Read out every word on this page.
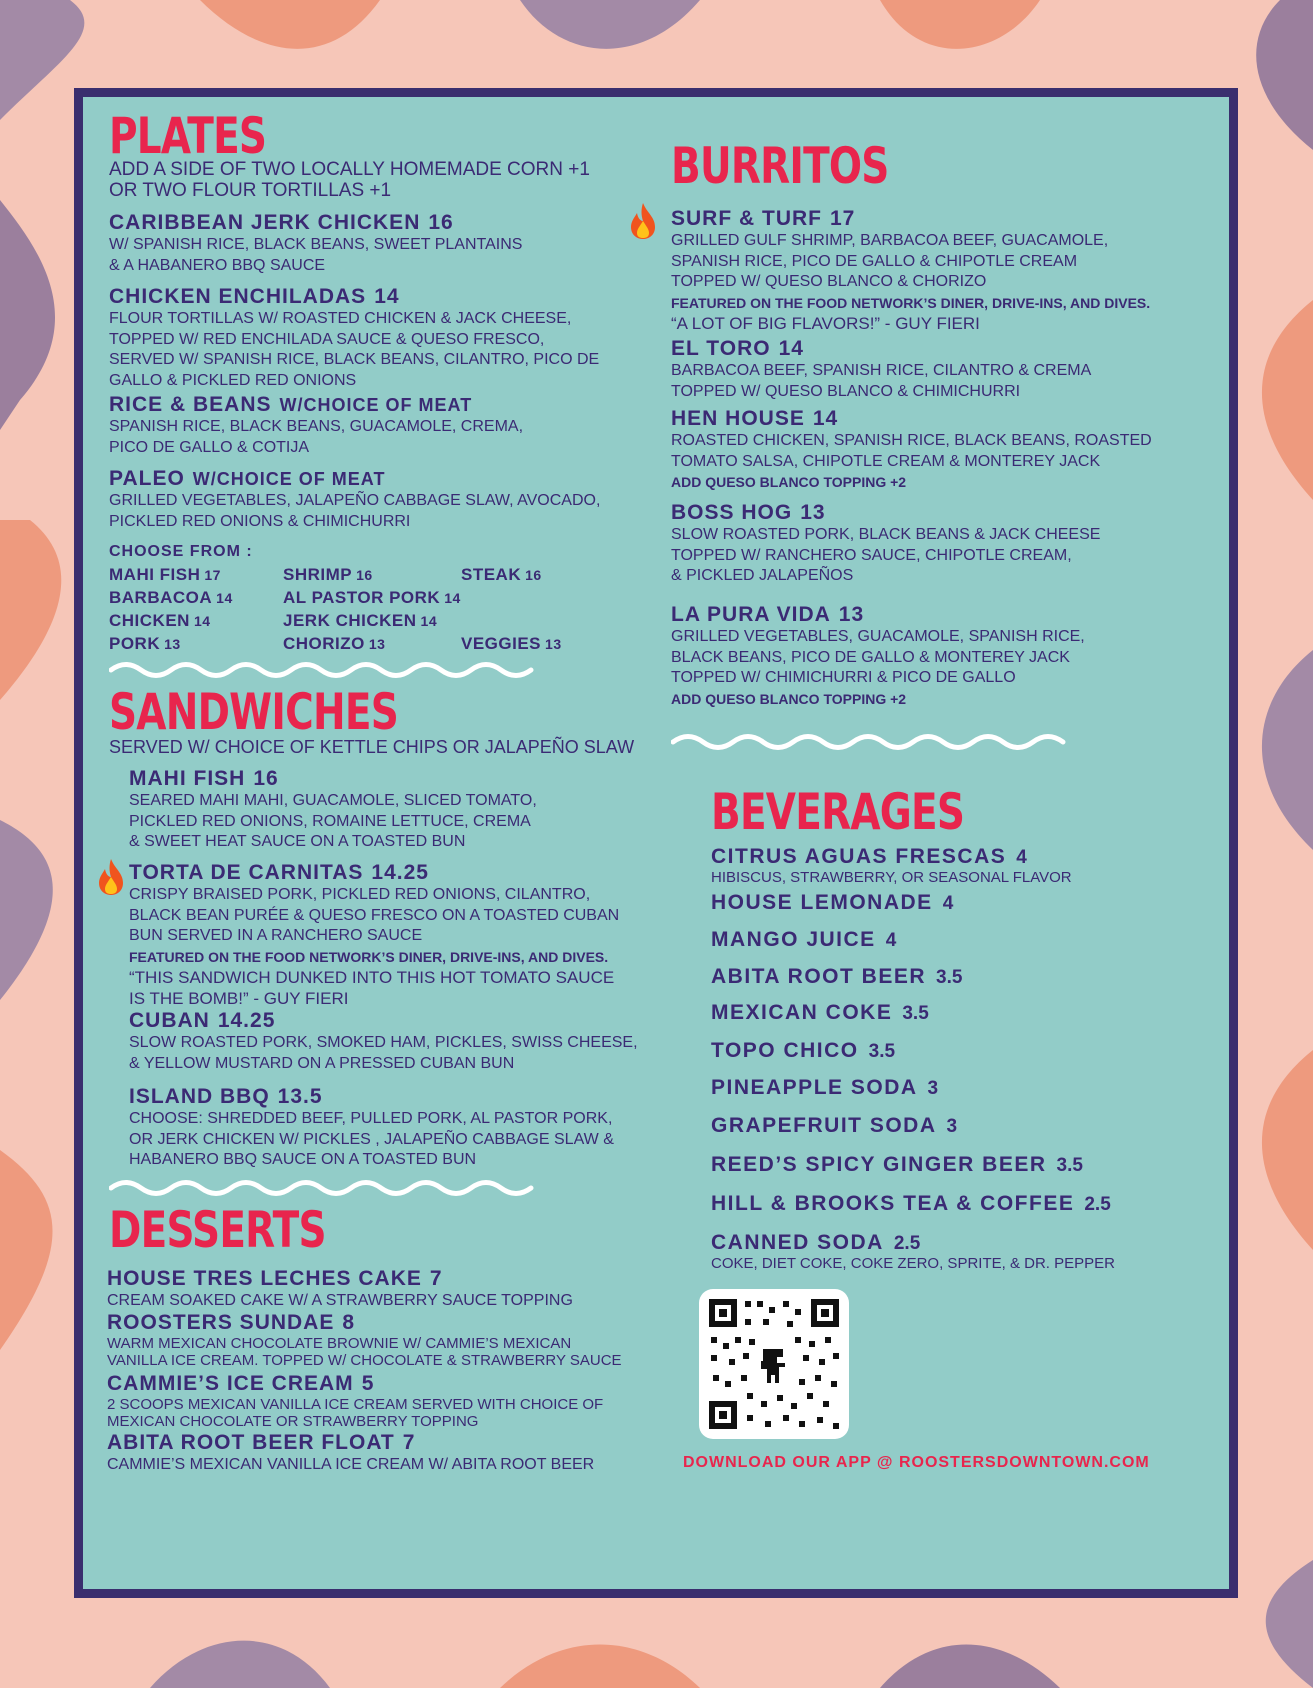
PLATES
ADD A SIDE OF TWO LOCALLY HOMEMADE CORN +1
OR TWO FLOUR TORTILLAS +1
CARIBBEAN JERK CHICKEN 16
W/ SPANISH RICE, BLACK BEANS, SWEET PLANTAINS
& A HABANERO BBQ SAUCE
CHICKEN ENCHILADAS 14
FLOUR TORTILLAS W/ ROASTED CHICKEN & JACK CHEESE,
TOPPED W/ RED ENCHILADA SAUCE & QUESO FRESCO,
SERVED W/ SPANISH RICE, BLACK BEANS, CILANTRO, PICO DE
GALLO & PICKLED RED ONIONS
RICE & BEANS W/CHOICE OF MEAT
SPANISH RICE, BLACK BEANS, GUACAMOLE, CREMA,
PICO DE GALLO & COTIJA
PALEO W/CHOICE OF MEAT
GRILLED VEGETABLES, JALAPEÑO CABBAGE SLAW, AVOCADO,
PICKLED RED ONIONS & CHIMICHURRI
CHOOSE FROM :
MAHI FISH 17	SHRIMP 16	STEAK 16
BARBACOA 14	AL PASTOR PORK 14
CHICKEN 14	JERK CHICKEN 14
PORK 13	CHORIZO 13	VEGGIES 13
SANDWICHES
SERVED W/ CHOICE OF KETTLE CHIPS OR JALAPEÑO SLAW
MAHI FISH 16
SEARED MAHI MAHI, GUACAMOLE, SLICED TOMATO,
PICKLED RED ONIONS, ROMAINE LETTUCE, CREMA
& SWEET HEAT SAUCE ON A TOASTED BUN
TORTA DE CARNITAS 14.25
CRISPY BRAISED PORK, PICKLED RED ONIONS, CILANTRO,
BLACK BEAN PURÉE & QUESO FRESCO ON A TOASTED CUBAN
BUN SERVED IN A RANCHERO SAUCE
FEATURED ON THE FOOD NETWORK’S DINER, DRIVE-INS, AND DIVES.
“THIS SANDWICH DUNKED INTO THIS HOT TOMATO SAUCE
IS THE BOMB!” - GUY FIERI
CUBAN 14.25
SLOW ROASTED PORK, SMOKED HAM, PICKLES, SWISS CHEESE,
& YELLOW MUSTARD ON A PRESSED CUBAN BUN
ISLAND BBQ 13.5
CHOOSE: SHREDDED BEEF, PULLED PORK, AL PASTOR PORK,
OR JERK CHICKEN W/ PICKLES , JALAPEÑO CABBAGE SLAW &
HABANERO BBQ SAUCE ON A TOASTED BUN
DESSERTS
HOUSE TRES LECHES CAKE 7
CREAM SOAKED CAKE W/ A STRAWBERRY SAUCE TOPPING
ROOSTERS SUNDAE 8
WARM MEXICAN CHOCOLATE BROWNIE W/ CAMMIE’S MEXICAN
VANILLA ICE CREAM. TOPPED W/ CHOCOLATE & STRAWBERRY SAUCE
CAMMIE’S ICE CREAM 5
2 SCOOPS MEXICAN VANILLA ICE CREAM SERVED WITH CHOICE OF
MEXICAN CHOCOLATE OR STRAWBERRY TOPPING
ABITA ROOT BEER FLOAT 7
CAMMIE’S MEXICAN VANILLA ICE CREAM W/ ABITA ROOT BEER
BURRITOS
SURF & TURF 17
GRILLED GULF SHRIMP, BARBACOA BEEF, GUACAMOLE,
SPANISH RICE, PICO DE GALLO & CHIPOTLE CREAM
TOPPED W/ QUESO BLANCO & CHORIZO
FEATURED ON THE FOOD NETWORK’S DINER, DRIVE-INS, AND DIVES.
“A LOT OF BIG FLAVORS!” - GUY FIERI
EL TORO 14
BARBACOA BEEF, SPANISH RICE, CILANTRO & CREMA
TOPPED W/ QUESO BLANCO & CHIMICHURRI
HEN HOUSE 14
ROASTED CHICKEN, SPANISH RICE, BLACK BEANS, ROASTED
TOMATO SALSA, CHIPOTLE CREAM & MONTEREY JACK
ADD QUESO BLANCO TOPPING +2
BOSS HOG 13
SLOW ROASTED PORK, BLACK BEANS & JACK CHEESE
TOPPED W/ RANCHERO SAUCE, CHIPOTLE CREAM,
& PICKLED JALAPEÑOS
LA PURA VIDA 13
GRILLED VEGETABLES, GUACAMOLE, SPANISH RICE,
BLACK BEANS, PICO DE GALLO & MONTEREY JACK
TOPPED W/ CHIMICHURRI & PICO DE GALLO
ADD QUESO BLANCO TOPPING +2
BEVERAGES
CITRUS AGUAS FRESCAS 4
HIBISCUS, STRAWBERRY, OR SEASONAL FLAVOR
HOUSE LEMONADE 4
MANGO JUICE 4
ABITA ROOT BEER 3.5
MEXICAN COKE 3.5
TOPO CHICO 3.5
PINEAPPLE SODA 3
GRAPEFRUIT SODA 3
REED’S SPICY GINGER BEER 3.5
HILL & BROOKS TEA & COFFEE 2.5
CANNED SODA 2.5
COKE, DIET COKE, COKE ZERO, SPRITE, & DR. PEPPER
DOWNLOAD OUR APP @ ROOSTERSDOWNTOWN.COM
